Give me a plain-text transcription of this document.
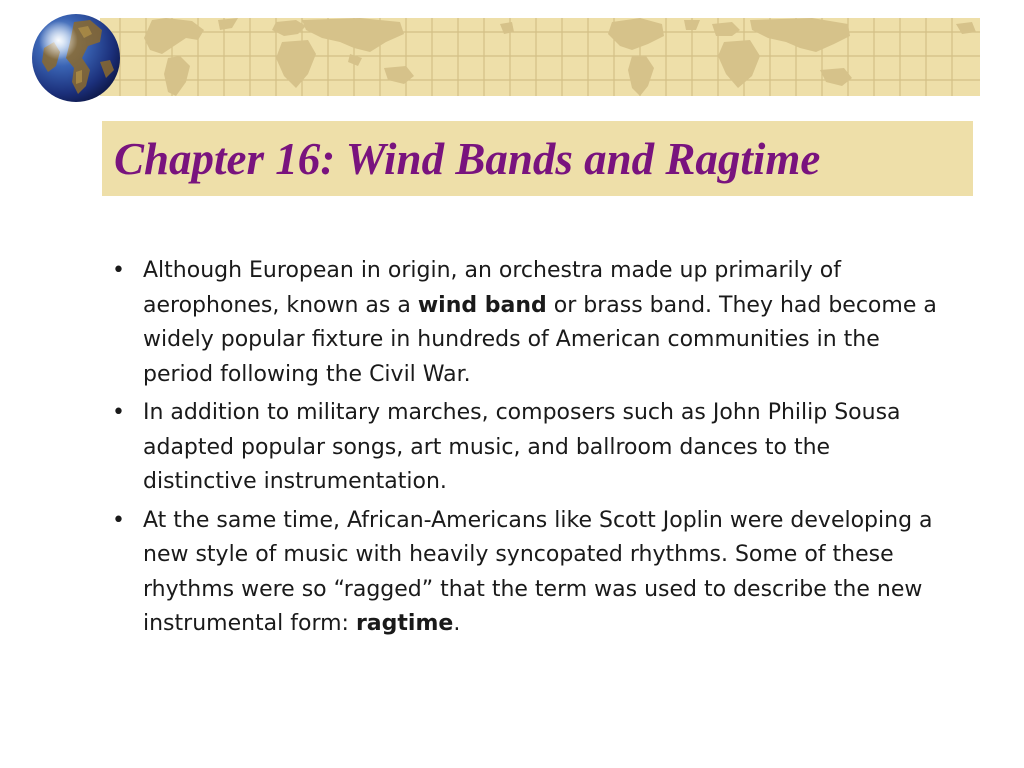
Chapter 16: Wind Bands and Ragtime
• Although European in origin, an orchestra made up primarily of aerophones, known as a wind band or brass band. They had become a widely popular fixture in hundreds of American communities in the period following the Civil War.
• In addition to military marches, composers such as John Philip Sousa adapted popular songs, art music, and ballroom dances to the distinctive instrumentation.
• At the same time, African-Americans like Scott Joplin were developing a new style of music with heavily syncopated rhythms. Some of these rhythms were so “ragged” that the term was used to describe the new instrumental form: ragtime.
